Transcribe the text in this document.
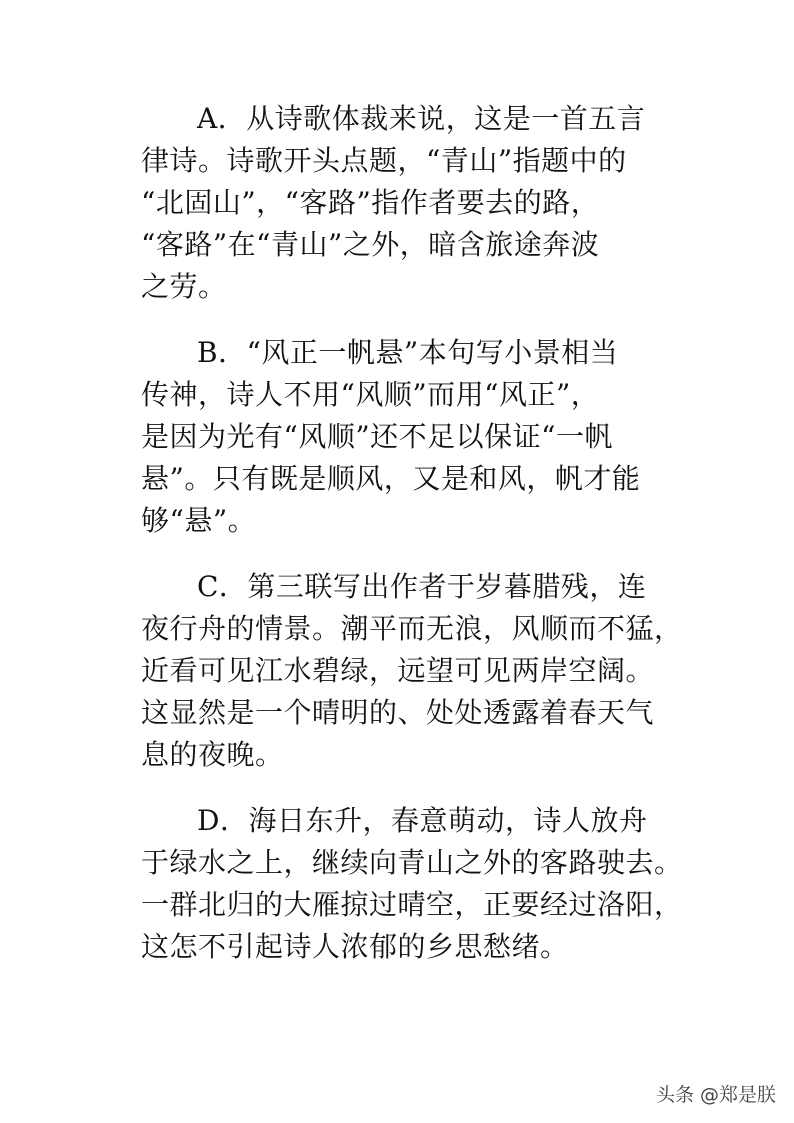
A．从诗歌体裁来说，这是一首五言
律诗。诗歌开头点题，“青山”指题中的
“北固山”，“客路”指作者要去的路，
“客路”在“青山”之外，暗含旅途奔波
之劳。
B．“风正一帆悬”本句写小景相当
传神，诗人不用“风顺”而用“风正”，
是因为光有“风顺”还不足以保证“一帆
悬”。只有既是顺风，又是和风，帆才能
够“悬”。
C．第三联写出作者于岁暮腊残，连
夜行舟的情景。潮平而无浪，风顺而不猛，
近看可见江水碧绿，远望可见两岸空阔。
这显然是一个晴明的、处处透露着春天气
息的夜晚。
D．海日东升，春意萌动，诗人放舟
于绿水之上，继续向青山之外的客路驶去。
一群北归的大雁掠过晴空，正要经过洛阳，
这怎不引起诗人浓郁的乡思愁绪。
头条 @郑是朕
